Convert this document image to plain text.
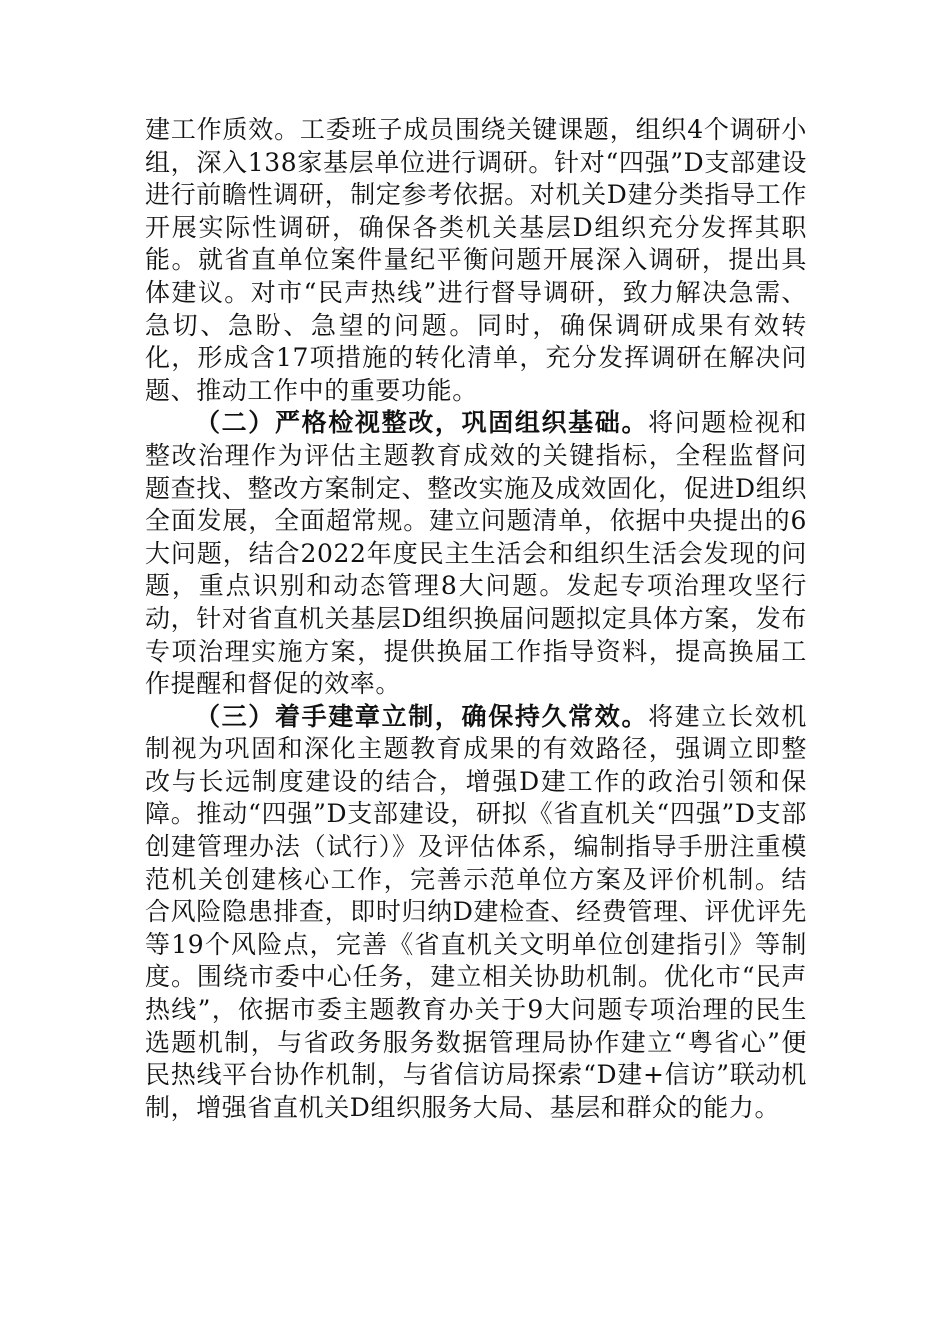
建工作质效。工委班子成员围绕关键课题，组织4个调研小组，深入138家基层单位进行调研。针对“四强”D支部建设进行前瞻性调研，制定参考依据。对机关D建分类指导工作开展实际性调研，确保各类机关基层D组织充分发挥其职能。就省直单位案件量纪平衡问题开展深入调研，提出具体建议。对市“民声热线”进行督导调研，致力解决急需、急切、急盼、急望的问题。同时，确保调研成果有效转化，形成含17项措施的转化清单，充分发挥调研在解决问题、推动工作中的重要功能。

（二）严格检视整改，巩固组织基础。将问题检视和整改治理作为评估主题教育成效的关键指标，全程监督问题查找、整改方案制定、整改实施及成效固化，促进D组织全面发展，全面超常规。建立问题清单，依据中央提出的6大问题，结合2022年度民主生活会和组织生活会发现的问题，重点识别和动态管理8大问题。发起专项治理攻坚行动，针对省直机关基层D组织换届问题拟定具体方案，发布专项治理实施方案，提供换届工作指导资料，提高换届工作提醒和督促的效率。

（三）着手建章立制，确保持久常效。将建立长效机制视为巩固和深化主题教育成果的有效路径，强调立即整改与长远制度建设的结合，增强D建工作的政治引领和保障。推动“四强”D支部建设，研拟《省直机关“四强”D支部创建管理办法（试行）》及评估体系，编制指导手册注重模范机关创建核心工作，完善示范单位方案及评价机制。结合风险隐患排查，即时归纳D建检查、经费管理、评优评先等19个风险点，完善《省直机关文明单位创建指引》等制度。围绕市委中心任务，建立相关协助机制。优化市“民声热线”，依据市委主题教育办关于9大问题专项治理的民生选题机制，与省政务服务数据管理局协作建立“粤省心”便民热线平台协作机制，与省信访局探索“D建+信访”联动机制，增强省直机关D组织服务大局、基层和群众的能力。
